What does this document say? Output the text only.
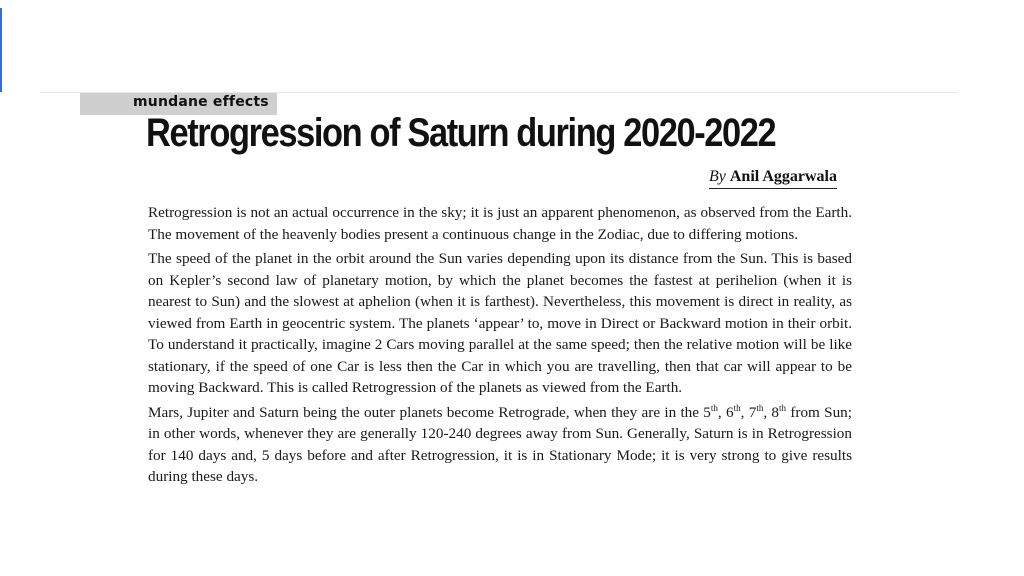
mundane effects
Retrogression of Saturn during 2020-2022
By Anil Aggarwala

Retrogression is not an actual occurrence in the sky; it is just an apparent phenomenon, as observed from the Earth. The movement of the heavenly bodies present a continuous change in the Zodiac, due to differing motions.

The speed of the planet in the orbit around the Sun varies depending upon its distance from the Sun. This is based on Kepler’s second law of planetary motion, by which the planet becomes the fastest at perihelion (when it is nearest to Sun) and the slowest at aphelion (when it is farthest). Nevertheless, this movement is direct in reality, as viewed from Earth in geocentric system. The planets ‘appear’ to, move in Direct or Backward motion in their orbit. To understand it practically, imagine 2 Cars moving parallel at the same speed; then the relative motion will be like stationary, if the speed of one Car is less then the Car in which you are travelling, then that car will appear to be moving Backward. This is called Retrogression of the planets as viewed from the Earth.

Mars, Jupiter and Saturn being the outer planets become Retrograde, when they are in the 5th, 6th, 7th, 8th from Sun; in other words, whenever they are generally 120-240 degrees away from Sun. Generally, Saturn is in Retrogression for 140 days and, 5 days before and after Retrogression, it is in Stationary Mode; it is very strong to give results during these days.
